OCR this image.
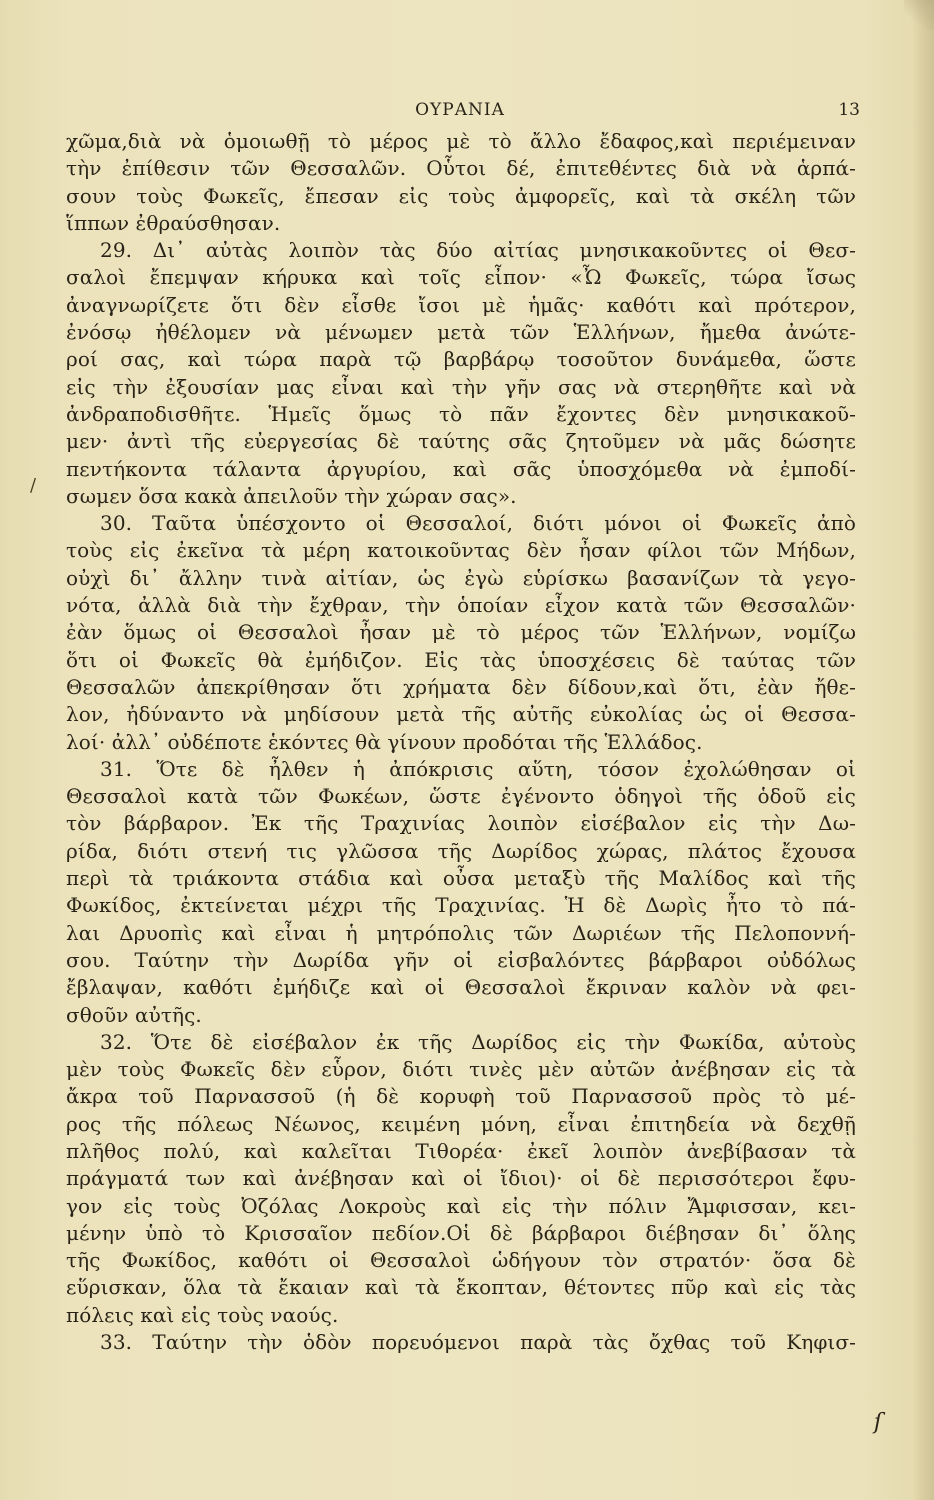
ΟΥΡΑΝΙΑ	13
χῶμα,διὰ νὰ ὁμοιωθῇ τὸ μέρος μὲ τὸ ἄλλο ἔδαφος,καὶ περιέμειναν
τὴν ἐπίθεσιν τῶν Θεσσαλῶν. Οὗτοι δέ, ἐπιτεθέντες διὰ νὰ ἁρπά-
σουν τοὺς Φωκεῖς, ἔπεσαν εἰς τοὺς ἀμφορεῖς, καὶ τὰ σκέλη τῶν
ἵππων ἐθραύσθησαν.
29. Δι᾽ αὐτὰς λοιπὸν τὰς δύο αἰτίας μνησικακοῦντες οἱ Θεσ-
σαλοὶ ἔπεμψαν κήρυκα καὶ τοῖς εἶπον· «Ὦ Φωκεῖς, τώρα ἴσως
ἀναγνωρίζετε ὅτι δὲν εἶσθε ἴσοι μὲ ἡμᾶς· καθότι καὶ πρότερον,
ἐνόσῳ ἠθέλομεν νὰ μένωμεν μετὰ τῶν Ἑλλήνων, ἤμεθα ἀνώτε-
ροί σας, καὶ τώρα παρὰ τῷ βαρβάρῳ τοσοῦτον δυνάμεθα, ὥστε
εἰς τὴν ἐξουσίαν μας εἶναι καὶ τὴν γῆν σας νὰ στερηθῆτε καὶ νὰ
ἀνδραποδισθῆτε. Ἡμεῖς ὅμως τὸ πᾶν ἔχοντες δὲν μνησικακοῦ-
μεν· ἀντὶ τῆς εὐεργεσίας δὲ ταύτης σᾶς ζητοῦμεν νὰ μᾶς δώσητε
πεντήκοντα τάλαντα ἀργυρίου, καὶ σᾶς ὑποσχόμεθα νὰ ἐμποδί-
σωμεν ὅσα κακὰ ἀπειλοῦν τὴν χώραν σας».
30. Ταῦτα ὑπέσχοντο οἱ Θεσσαλοί, διότι μόνοι οἱ Φωκεῖς ἀπὸ
τοὺς εἰς ἐκεῖνα τὰ μέρη κατοικοῦντας δὲν ἦσαν φίλοι τῶν Μήδων,
οὐχὶ δι᾽ ἄλλην τινὰ αἰτίαν, ὡς ἐγὼ εὑρίσκω βασανίζων τὰ γεγο-
νότα, ἀλλὰ διὰ τὴν ἔχθραν, τὴν ὁποίαν εἶχον κατὰ τῶν Θεσσαλῶν·
ἐὰν ὅμως οἱ Θεσσαλοὶ ἦσαν μὲ τὸ μέρος τῶν Ἑλλήνων, νομίζω
ὅτι οἱ Φωκεῖς θὰ ἐμήδιζον. Εἰς τὰς ὑποσχέσεις δὲ ταύτας τῶν
Θεσσαλῶν ἀπεκρίθησαν ὅτι χρήματα δὲν δίδουν,καὶ ὅτι, ἐὰν ἤθε-
λον, ἠδύναντο νὰ μηδίσουν μετὰ τῆς αὐτῆς εὐκολίας ὡς οἱ Θεσσα-
λοί· ἀλλ᾽ οὐδέποτε ἑκόντες θὰ γίνουν προδόται τῆς Ἑλλάδος.
31. Ὅτε δὲ ἦλθεν ἡ ἀπόκρισις αὕτη, τόσον ἐχολώθησαν οἱ
Θεσσαλοὶ κατὰ τῶν Φωκέων, ὥστε ἐγένοντο ὁδηγοὶ τῆς ὁδοῦ εἰς
τὸν βάρβαρον. Ἐκ τῆς Τραχινίας λοιπὸν εἰσέβαλον εἰς τὴν Δω-
ρίδα, διότι στενή τις γλῶσσα τῆς Δωρίδος χώρας, πλάτος ἔχουσα
περὶ τὰ τριάκοντα στάδια καὶ οὖσα μεταξὺ τῆς Μαλίδος καὶ τῆς
Φωκίδος, ἐκτείνεται μέχρι τῆς Τραχινίας. Ἡ δὲ Δωρὶς ἦτο τὸ πά-
λαι Δρυοπὶς καὶ εἶναι ἡ μητρόπολις τῶν Δωριέων τῆς Πελοποννή-
σου. Ταύτην τὴν Δωρίδα γῆν οἱ εἰσβαλόντες βάρβαροι οὐδόλως
ἔβλαψαν, καθότι ἐμήδιζε καὶ οἱ Θεσσαλοὶ ἔκριναν καλὸν νὰ φει-
σθοῦν αὐτῆς.
32. Ὅτε δὲ εἰσέβαλον ἐκ τῆς Δωρίδος εἰς τὴν Φωκίδα, αὐτοὺς
μὲν τοὺς Φωκεῖς δὲν εὗρον, διότι τινὲς μὲν αὐτῶν ἀνέβησαν εἰς τὰ
ἄκρα τοῦ Παρνασσοῦ (ἡ δὲ κορυφὴ τοῦ Παρνασσοῦ πρὸς τὸ μέ-
ρος τῆς πόλεως Νέωνος, κειμένη μόνη, εἶναι ἐπιτηδεία νὰ δεχθῇ
πλῆθος πολύ, καὶ καλεῖται Τιθορέα· ἐκεῖ λοιπὸν ἀνεβίβασαν τὰ
πράγματά των καὶ ἀνέβησαν καὶ οἱ ἴδιοι)· οἱ δὲ περισσότεροι ἔφυ-
γον εἰς τοὺς Ὀζόλας Λοκροὺς καὶ εἰς τὴν πόλιν Ἄμφισσαν, κει-
μένην ὑπὸ τὸ Κρισσαῖον πεδίον.Οἱ δὲ βάρβαροι διέβησαν δι᾽ ὅλης
τῆς Φωκίδος, καθότι οἱ Θεσσαλοὶ ὡδήγουν τὸν στρατόν· ὅσα δὲ
εὕρισκαν, ὅλα τὰ ἔκαιαν καὶ τὰ ἔκοπταν, θέτοντες πῦρ καὶ εἰς τὰς
πόλεις καὶ εἰς τοὺς ναούς.
33. Ταύτην τὴν ὁδὸν πορευόμενοι παρὰ τὰς ὄχθας τοῦ Κηφισ-
/
ſ
